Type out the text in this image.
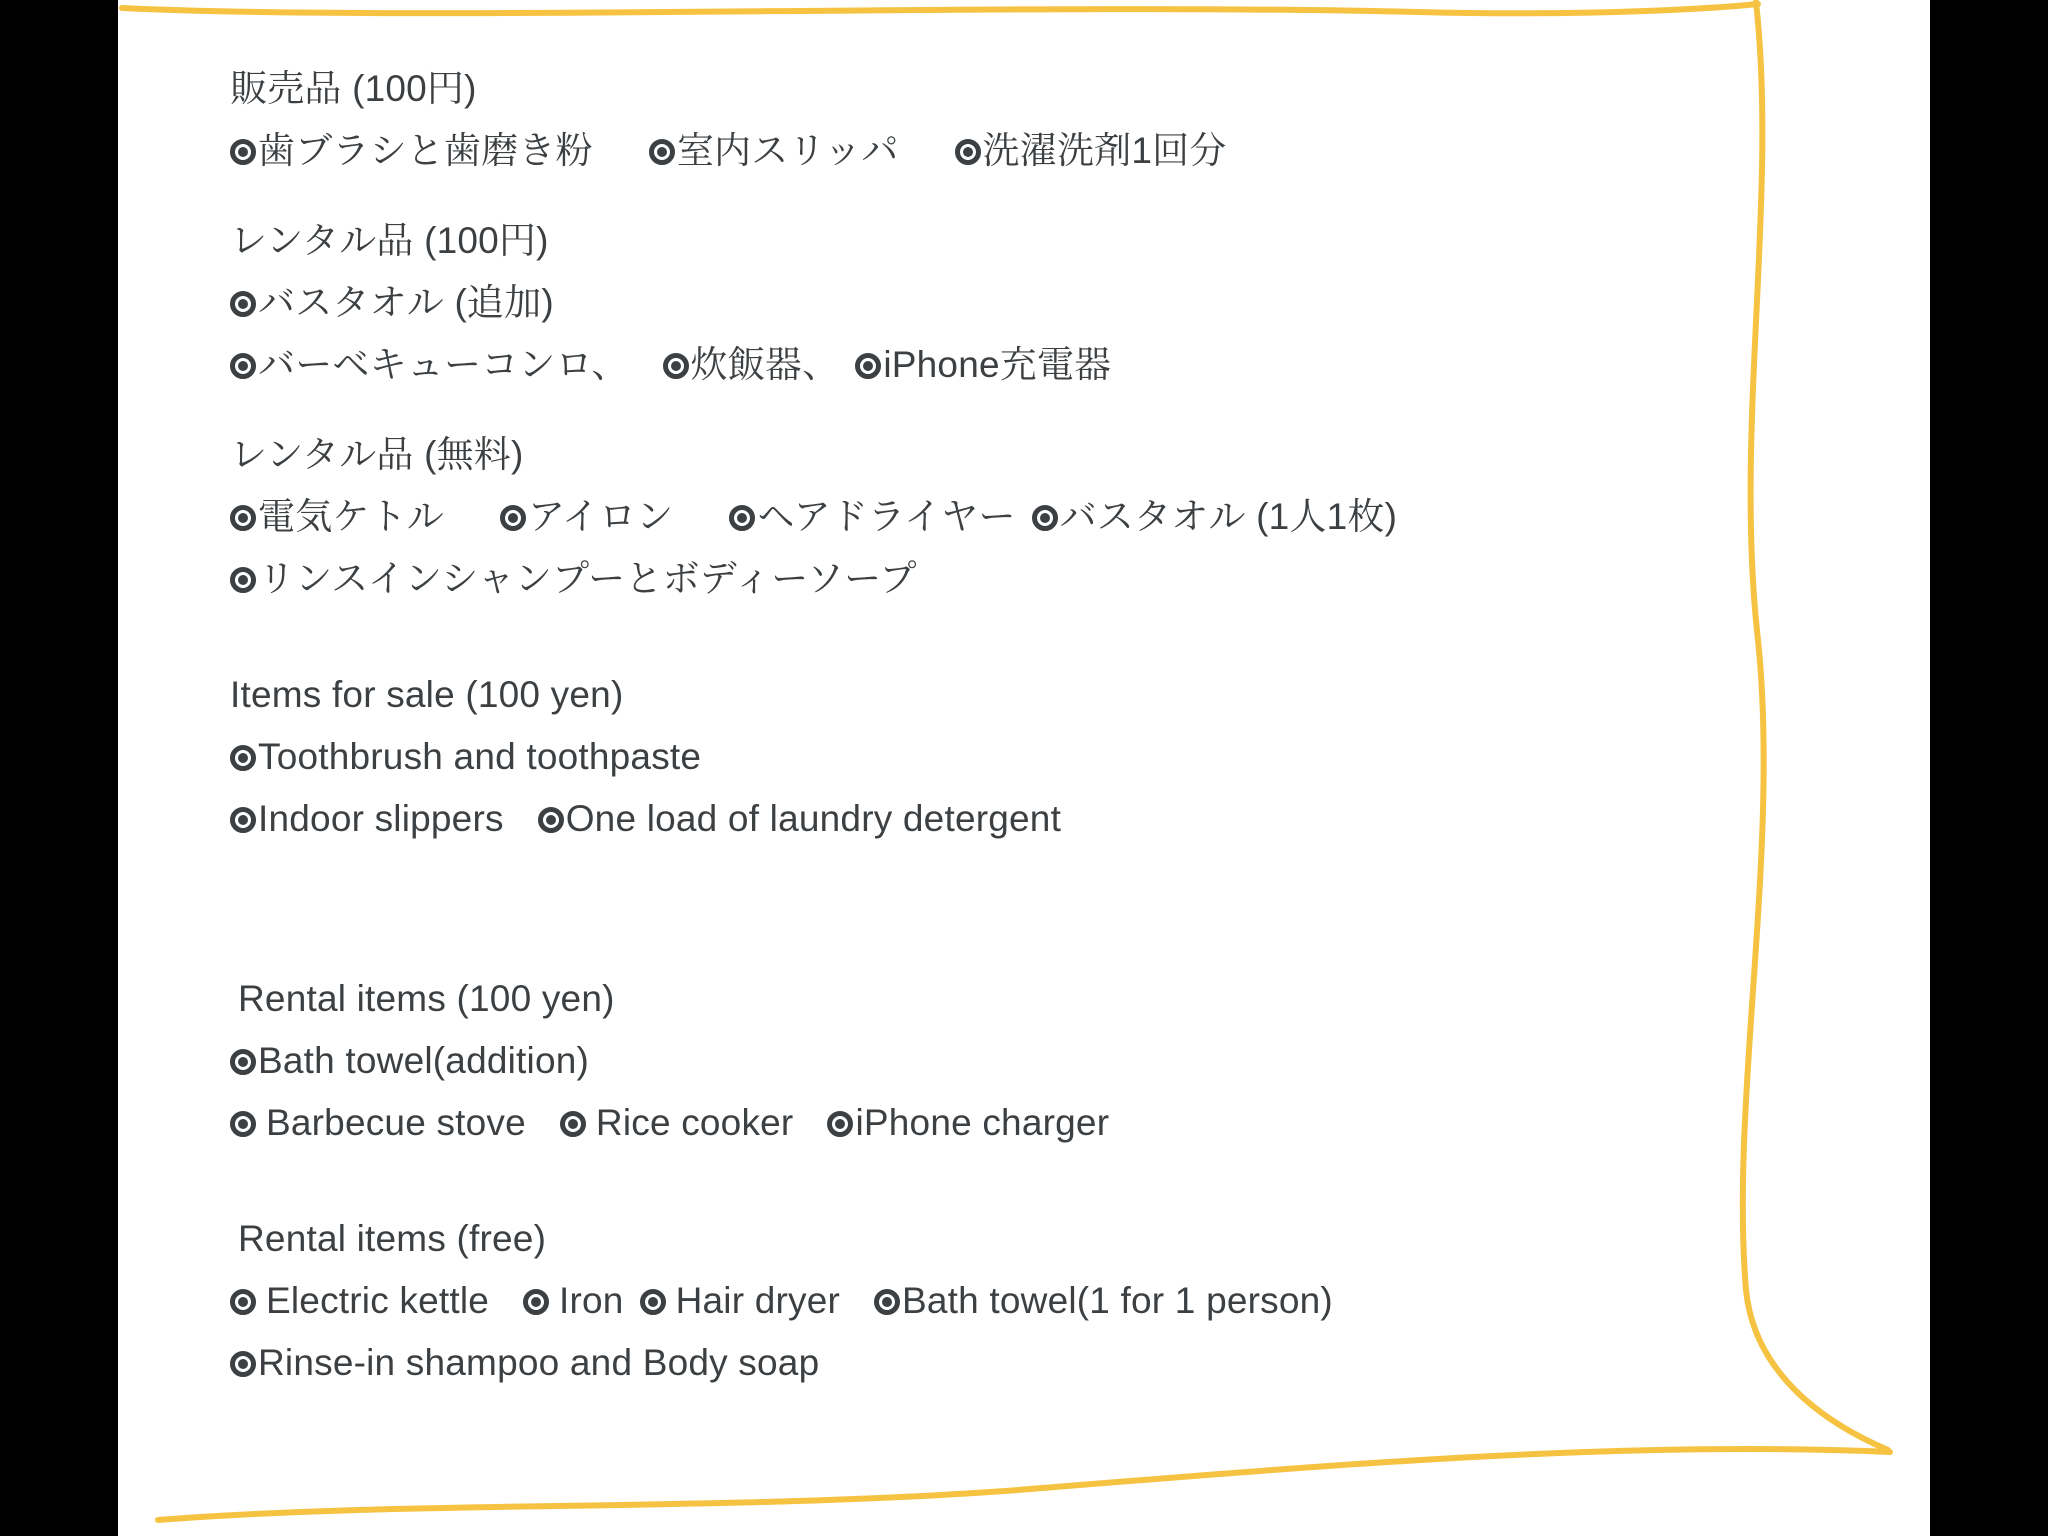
販売品 (100円)
歯ブラシと歯磨き粉 室内スリッパ 洗濯洗剤1回分
レンタル品 (100円)
バスタオル (追加)
バーベキューコンロ、 炊飯器、 iPhone充電器
レンタル品 (無料)
電気ケトル アイロン ヘアドライヤー バスタオル (1人1枚)
リンスインシャンプーとボディーソープ
Items for sale (100 yen)
Toothbrush and toothpaste
Indoor slippers One load of laundry detergent
Rental items (100 yen)
Bath towel(addition)
Barbecue stove Rice cooker iPhone charger
Rental items (free)
Electric kettle Iron Hair dryer Bath towel(1 for 1 person)
Rinse-in shampoo and Body soap
